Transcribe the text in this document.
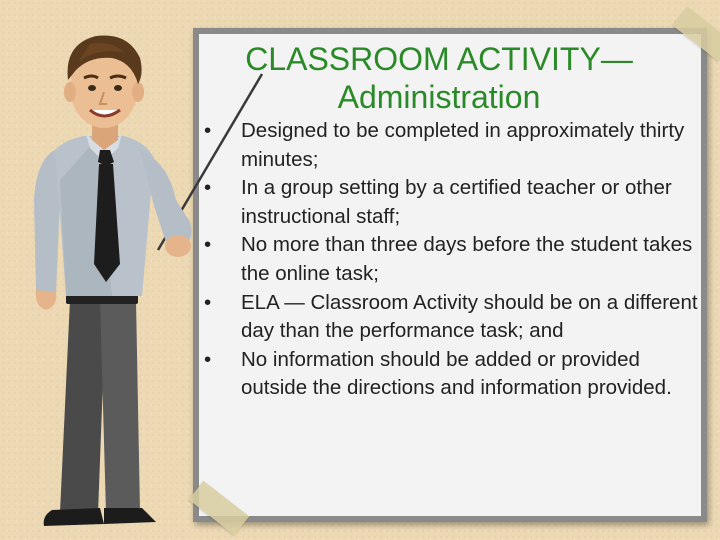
CLASSROOM ACTIVITY— Administration
•	Designed to be completed in approximately thirty minutes;
•	In a group setting by a certified teacher or other instructional staff;
•	No more than three days before the student takes the online task;
•	ELA — Classroom Activity should be on a different day than the performance task; and
•	No information should be added or provided outside the directions and information provided.
